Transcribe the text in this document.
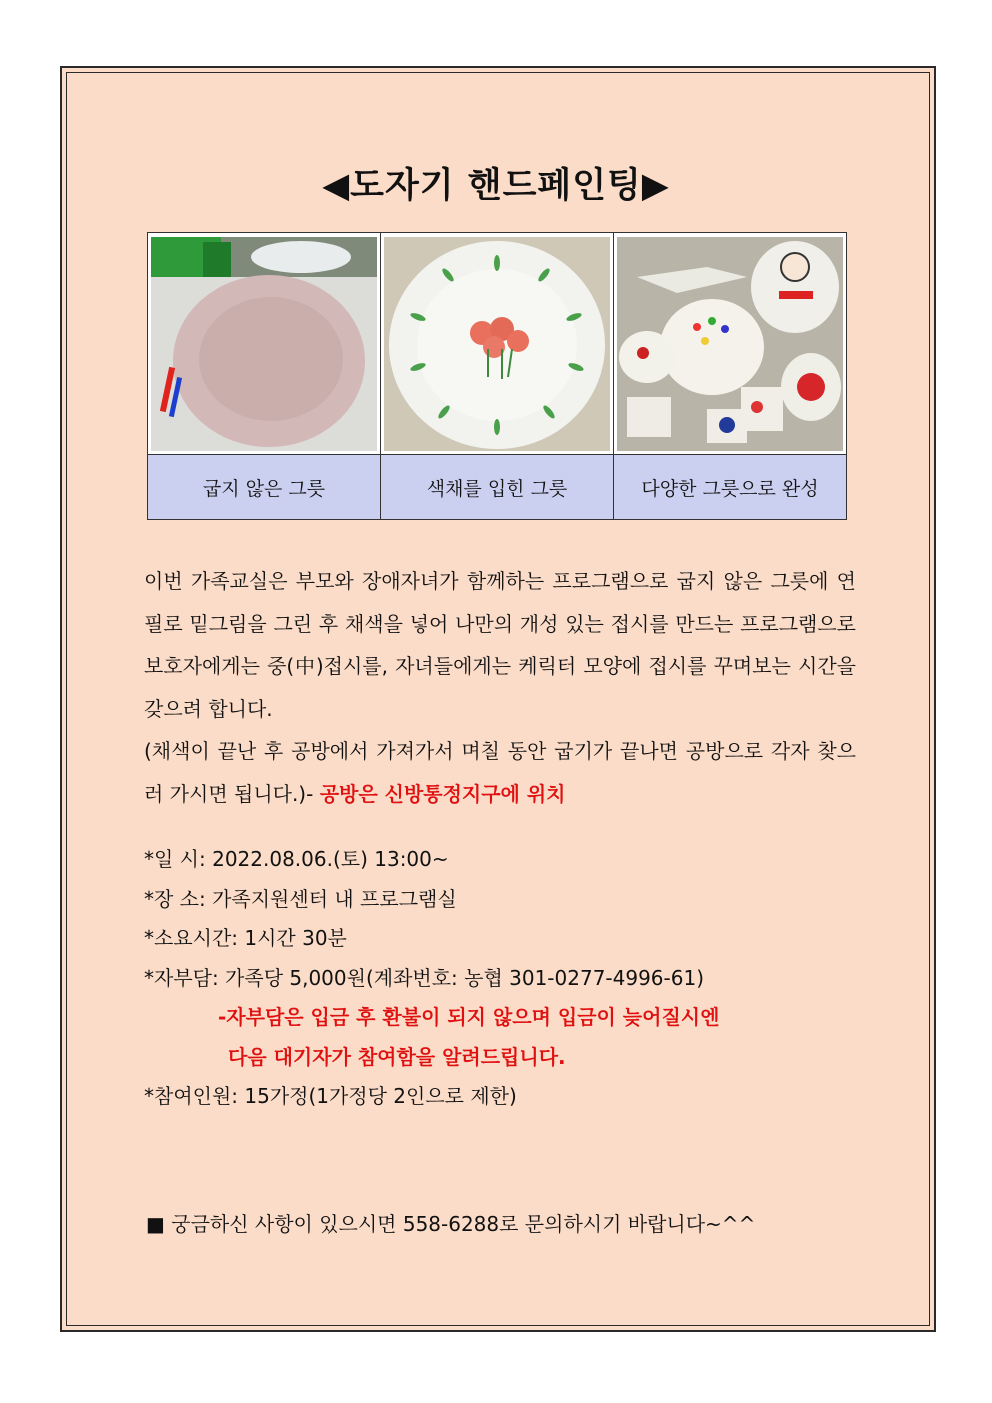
◀도자기 핸드페인팅▶

굽지 않은 그릇	색채를 입힌 그릇	다양한 그릇으로 완성
이번 가족교실은 부모와 장애자녀가 함께하는 프로그램으로 굽지 않은 그릇에 연필로 밑그림을 그린 후 채색을 넣어 나만의 개성 있는 접시를 만드는 프로그램으로 보호자에게는 중(中)접시를, 자녀들에게는 케릭터 모양에 접시를 꾸며보는 시간을 갖으려 합니다.
(채색이 끝난 후 공방에서 가져가서 며칠 동안 굽기가 끝나면 공방으로 각자 찾으러 가시면 됩니다.)- 공방은 신방통정지구에 위치
*일 시: 2022.08.06.(토) 13:00~
*장 소: 가족지원센터 내 프로그램실
*소요시간: 1시간 30분
*자부담: 가족당 5,000원(계좌번호: 농협 301-0277-4996-61)
-자부담은 입금 후 환불이 되지 않으며 입금이 늦어질시엔
다음 대기자가 참여함을 알려드립니다.
*참여인원: 15가정(1가정당 2인으로 제한)
■ 궁금하신 사항이 있으시면 558-6288로 문의하시기 바랍니다~^^
